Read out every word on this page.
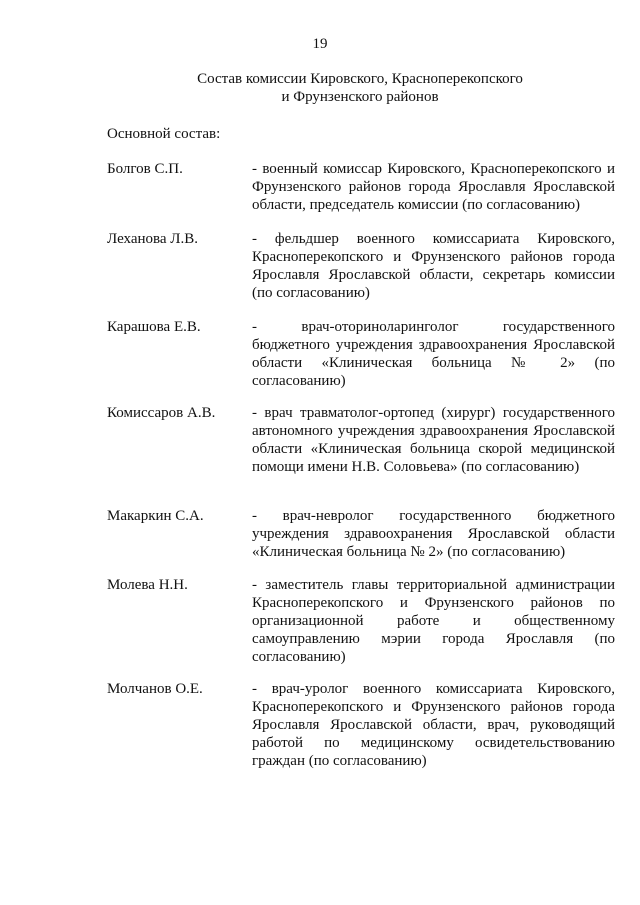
19
Состав комиссии Кировского, Красноперекопского
и Фрунзенского районов
Основной состав:
Болгов С.П.	- военный комиссар Кировского, Красноперекопского и Фрунзенского районов города Ярославля Ярославской области, председатель комиссии (по согласованию)
Леханова Л.В.	- фельдшер военного комиссариата Кировского, Красноперекопского и Фрунзенского районов города Ярославля Ярославской области, секретарь комиссии (по согласованию)
Карашова Е.В.	- врач-оториноларинголог государственного бюджетного учреждения здравоохранения Ярославской области «Клиническая больница № 2» (по согласованию)
Комиссаров А.В.	- врач травматолог-ортопед (хирург) государственного автономного учреждения здравоохранения Ярославской области «Клиническая больница скорой медицинской помощи имени Н.В. Соловьева» (по согласованию)
Макаркин С.А.	- врач-невролог государственного бюджетного учреждения здравоохранения Ярославской области «Клиническая больница № 2» (по согласованию)
Молева Н.Н.	- заместитель главы территориальной администрации Красноперекопского и Фрунзенского районов по организационной работе и общественному самоуправлению мэрии города Ярославля (по согласованию)
Молчанов О.Е.	- врач-уролог военного комиссариата Кировского, Красноперекопского и Фрунзенского районов города Ярославля Ярославской области, врач, руководящий работой по медицинскому освидетельствованию граждан (по согласованию)
